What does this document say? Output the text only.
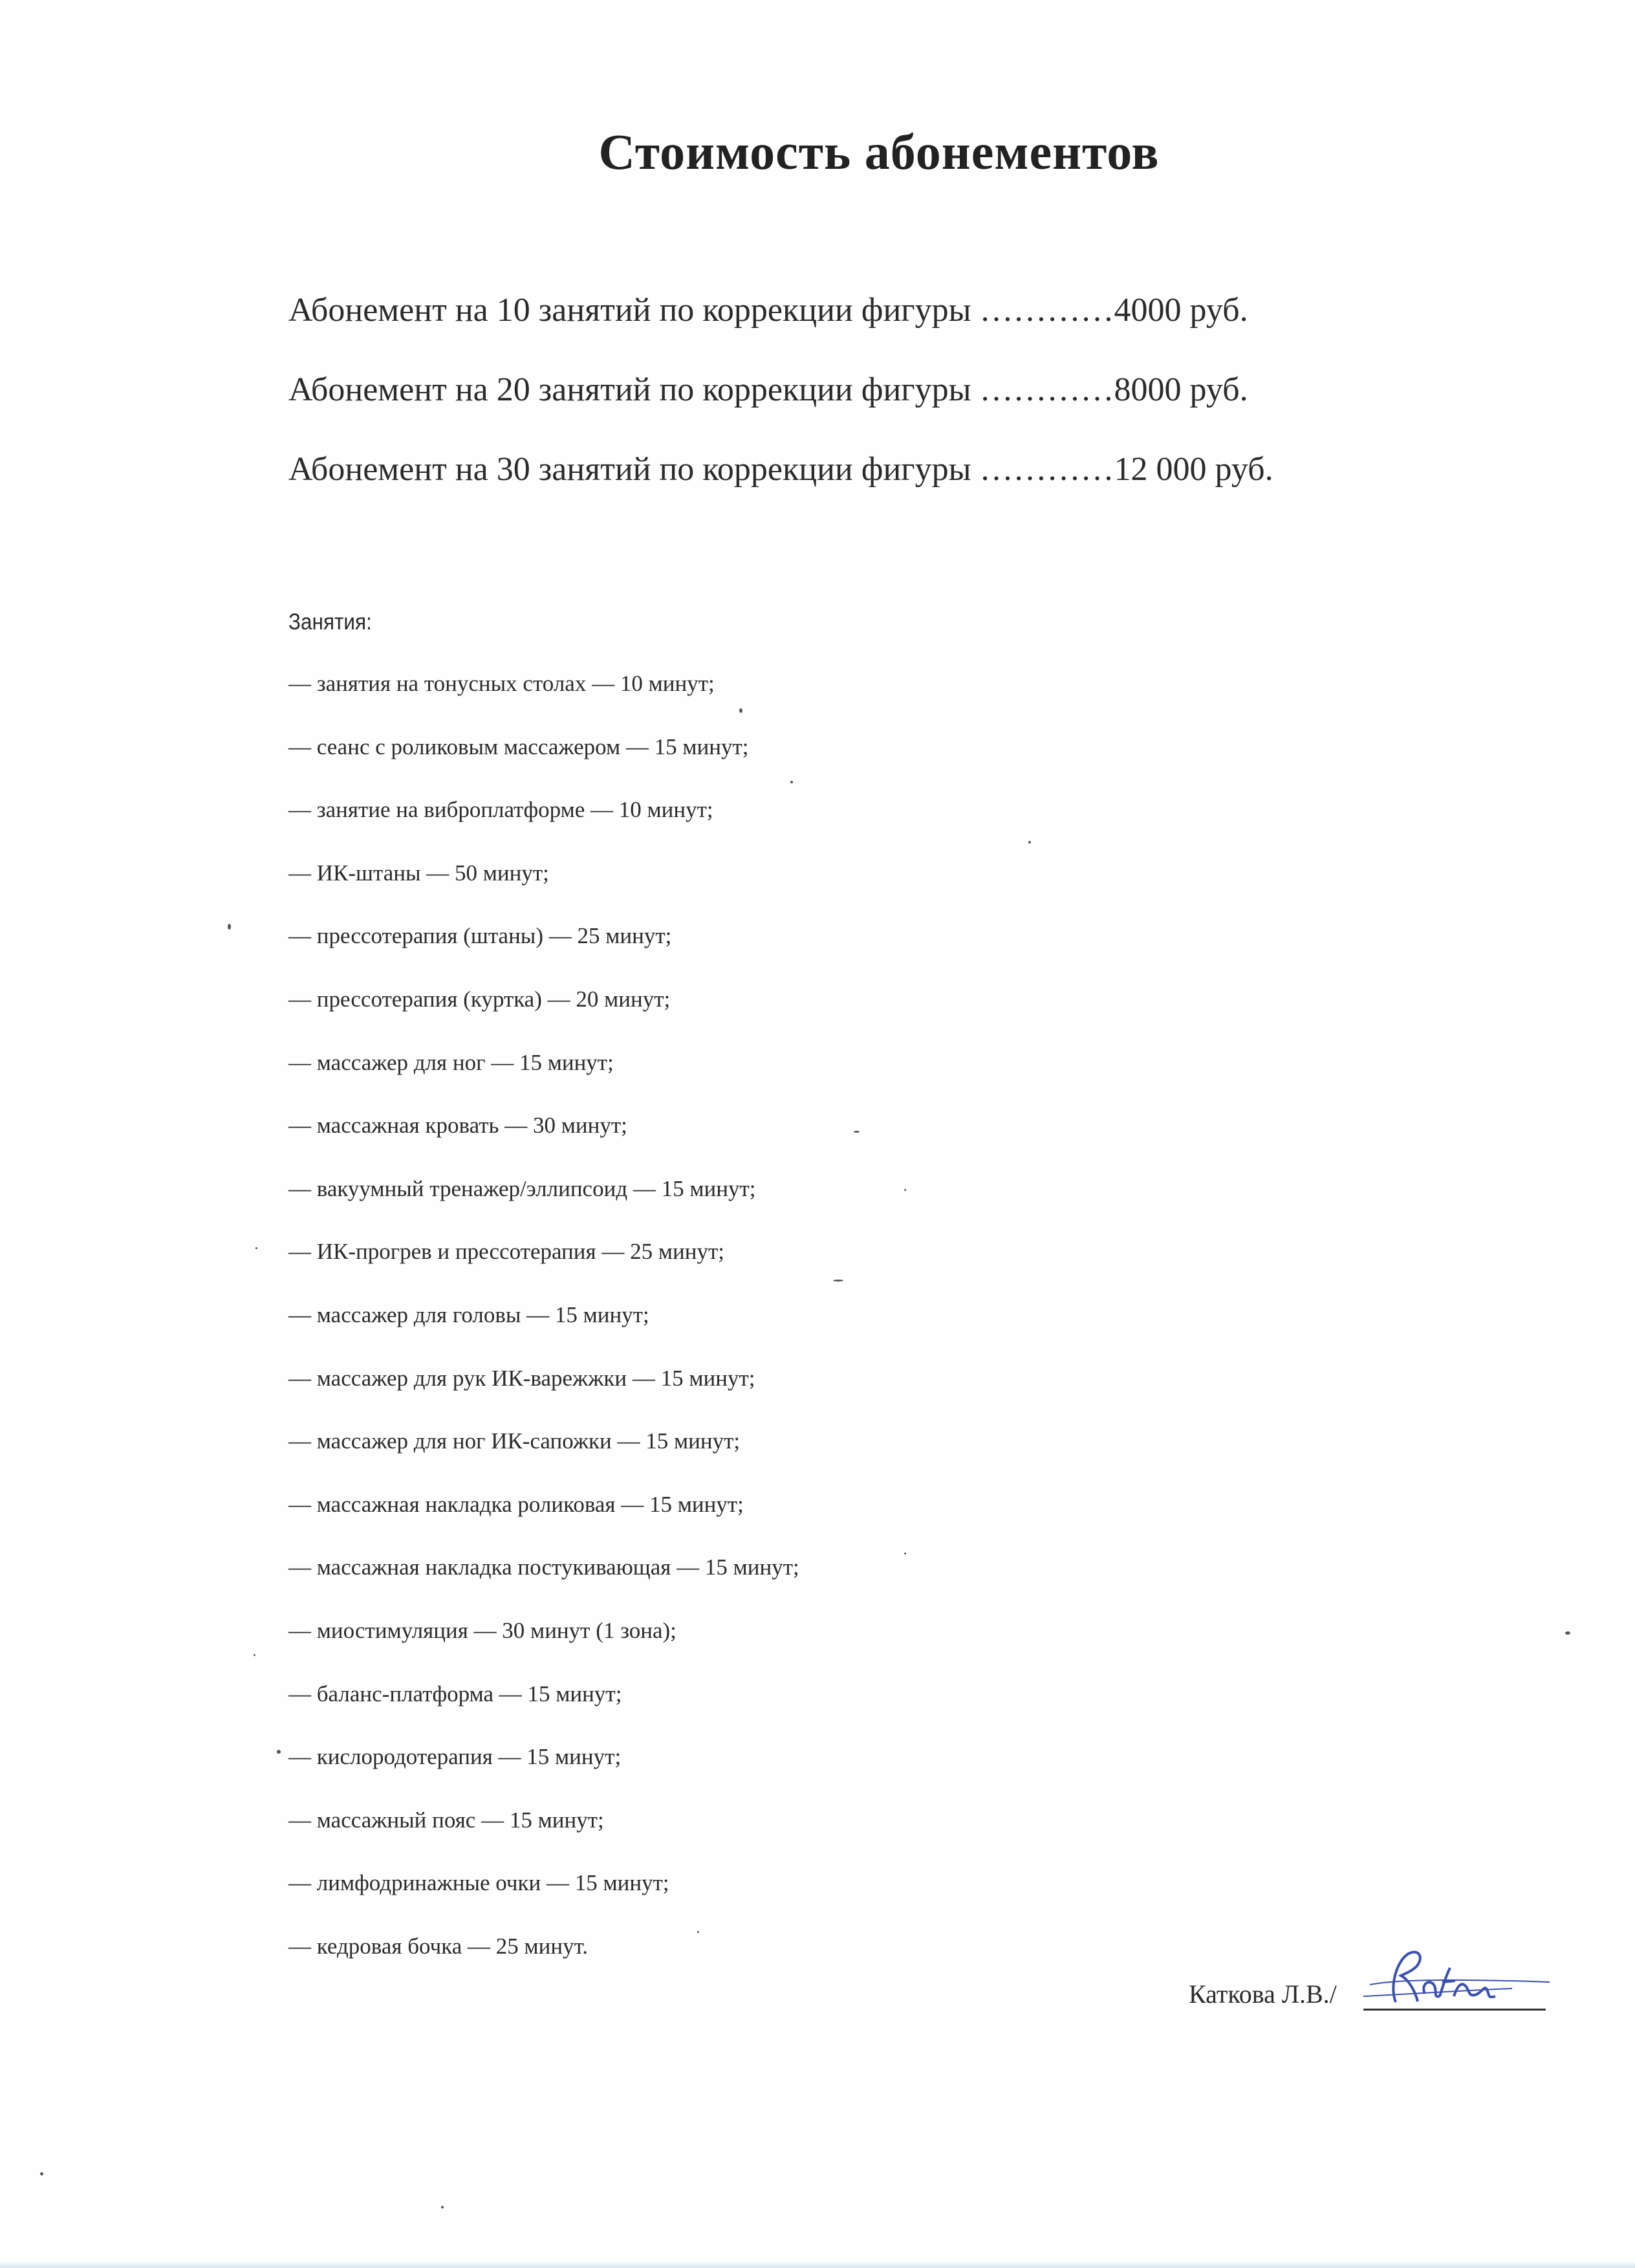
Стоимость абонементов
Абонемент на 10 занятий по коррекции фигуры …………4000 руб.
Абонемент на 20 занятий по коррекции фигуры …………8000 руб.
Абонемент на 30 занятий по коррекции фигуры …………12 000 руб.

Занятия:

— занятия на тонусных столах — 10 минут;
— сеанс с роликовым массажером — 15 минут;
— занятие на виброплатформе — 10 минут;
— ИК-штаны — 50 минут;
— прессотерапия (штаны) — 25 минут;
— прессотерапия (куртка) — 20 минут;
— массажер для ног — 15 минут;
— массажная кровать — 30 минут;
— вакуумный тренажер/эллипсоид — 15 минут;
— ИК-прогрев и прессотерапия — 25 минут;
— массажер для головы — 15 минут;
— массажер для рук ИК-варежжки — 15 минут;
— массажер для ног ИК-сапожки — 15 минут;
— массажная накладка роликовая — 15 минут;
— массажная накладка постукивающая — 15 минут;
— миостимуляция — 30 минут (1 зона);
— баланс-платформа — 15 минут;
— кислородотерапия — 15 минут;
— массажный пояс — 15 минут;
— лимфодринажные очки — 15 минут;
— кедровая бочка — 25 минут.
Каткова Л.В./
